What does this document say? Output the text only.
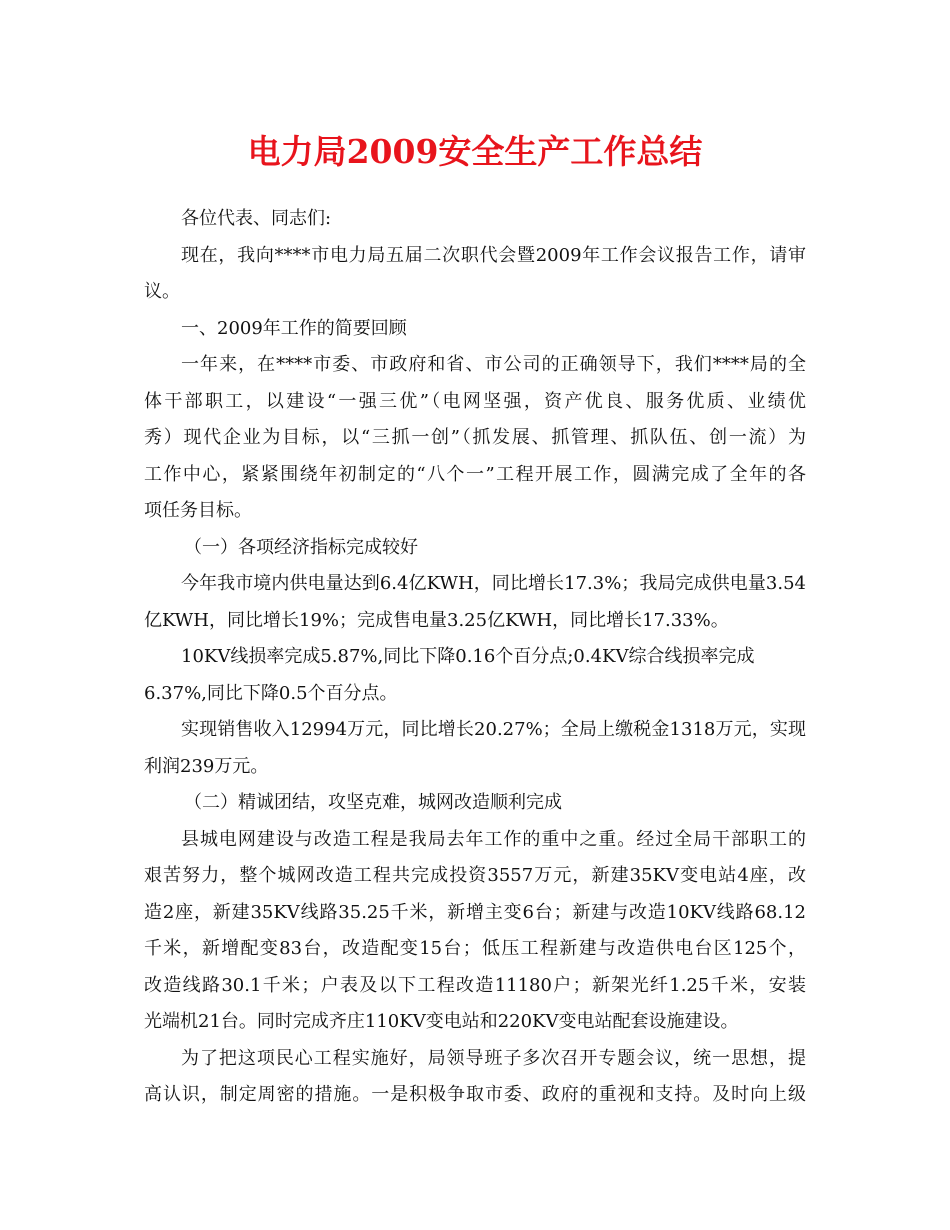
电力局2009安全生产工作总结
各位代表、同志们:
现在，我向****市电力局五届二次职代会暨2009年工作会议报告工作，请审
议。
一、2009年工作的简要回顾
一年来，在****市委、市政府和省、市公司的正确领导下，我们****局的全
体干部职工，以建设“一强三优”（电网坚强，资产优良、服务优质、业绩优
秀）现代企业为目标，以“三抓一创”（抓发展、抓管理、抓队伍、创一流）为
工作中心，紧紧围绕年初制定的“八个一”工程开展工作，圆满完成了全年的各
项任务目标。
（一）各项经济指标完成较好
今年我市境内供电量达到6.4亿KWH，同比增长17.3%；我局完成供电量3.54
亿KWH，同比增长19%；完成售电量3.25亿KWH，同比增长17.33%。
10KV线损率完成5.87%,同比下降0.16个百分点;0.4KV综合线损率完成
6.37%,同比下降0.5个百分点。
实现销售收入12994万元，同比增长20.27%；全局上缴税金1318万元，实现
利润239万元。
（二）精诚团结，攻坚克难，城网改造顺利完成
县城电网建设与改造工程是我局去年工作的重中之重。经过全局干部职工的
艰苦努力，整个城网改造工程共完成投资3557万元，新建35KV变电站4座，改
造2座，新建35KV线路35.25千米，新增主变6台；新建与改造10KV线路68.12
千米，新增配变83台，改造配变15台；低压工程新建与改造供电台区125个，
改造线路30.1千米；户表及以下工程改造11180户；新架光纤1.25千米，安装
光端机21台。同时完成齐庄110KV变电站和220KV变电站配套设施建设。
为了把这项民心工程实施好，局领导班子多次召开专题会议，统一思想，提
高认识，制定周密的措施。一是积极争取市委、政府的重视和支持。及时向上级
